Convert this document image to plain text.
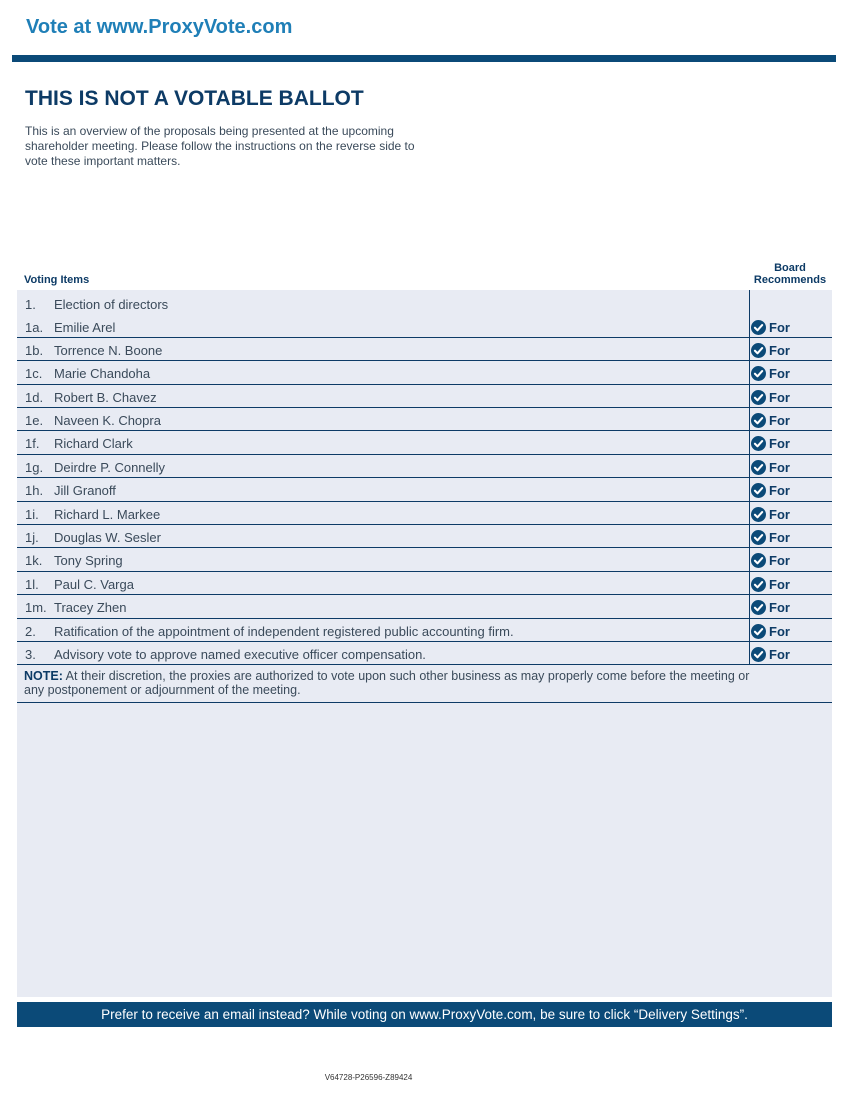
Vote at www.ProxyVote.com
THIS IS NOT A VOTABLE BALLOT
This is an overview of the proposals being presented at the upcoming shareholder meeting. Please follow the instructions on the reverse side to vote these important matters.
Voting Items
Board Recommends
1. Election of directors
1a. Emilie Arel	For
1b. Torrence N. Boone	For
1c. Marie Chandoha	For
1d. Robert B. Chavez	For
1e. Naveen K. Chopra	For
1f. Richard Clark	For
1g. Deirdre P. Connelly	For
1h. Jill Granoff	For
1i. Richard L. Markee	For
1j. Douglas W. Sesler	For
1k. Tony Spring	For
1l. Paul C. Varga	For
1m. Tracey Zhen	For
2. Ratification of the appointment of independent registered public accounting firm.	For
3. Advisory vote to approve named executive officer compensation.	For
NOTE: At their discretion, the proxies are authorized to vote upon such other business as may properly come before the meeting or any postponement or adjournment of the meeting.
Prefer to receive an email instead? While voting on www.ProxyVote.com, be sure to click “Delivery Settings”.
V64728-P26596-Z89424
